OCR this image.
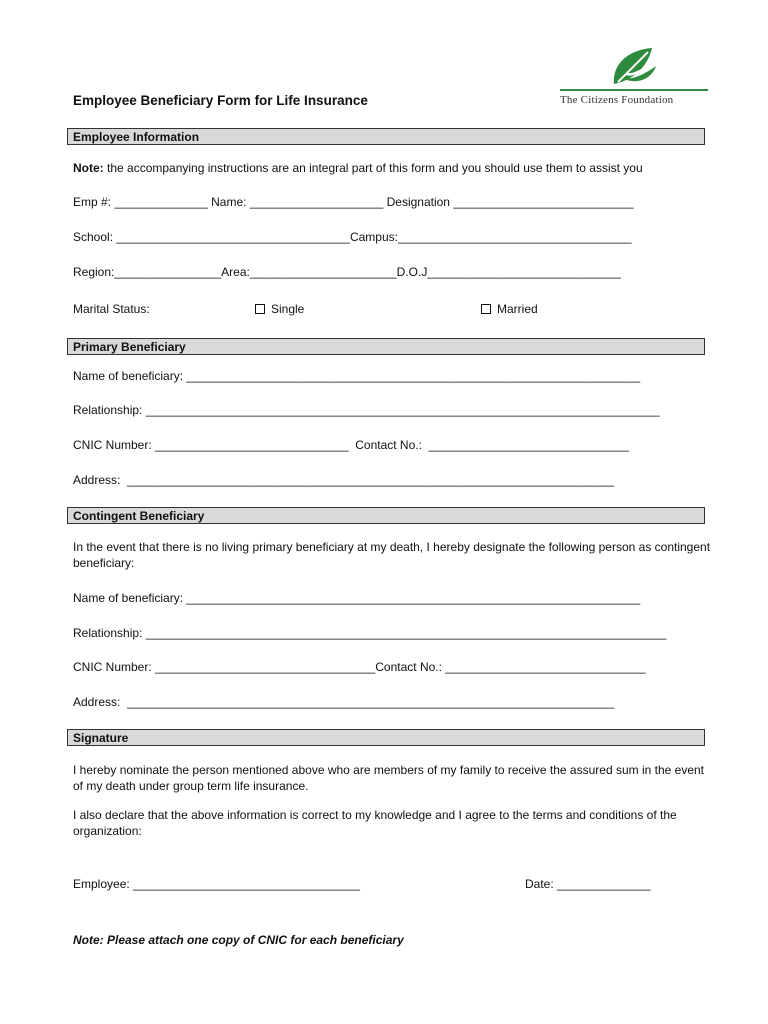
The Citizens Foundation
Employee Beneficiary Form for Life Insurance
Employee Information
Note: the accompanying instructions are an integral part of this form and you should use them to assist you
Emp #: ______________ Name: ____________________ Designation ___________________________
School: ___________________________________Campus:___________________________________
Region:________________Area:______________________D.O.J_____________________________
Marital Status:	Single	Married
Primary Beneficiary
Name of beneficiary: ____________________________________________________________________
Relationship: _____________________________________________________________________________
CNIC Number: _____________________________  Contact No.:  ______________________________
Address:  _________________________________________________________________________
Contingent Beneficiary
In the event that there is no living primary beneficiary at my death, I hereby designate the following person as contingent beneficiary:
Name of beneficiary: ____________________________________________________________________
Relationship: ______________________________________________________________________________
CNIC Number: _________________________________Contact No.: ______________________________
Address:  _________________________________________________________________________
Signature
I hereby nominate the person mentioned above who are members of my family to receive the assured sum in the event of my death under group term life insurance.
I also declare that the above information is correct to my knowledge and I agree to the terms and conditions of the organization:
Employee: __________________________________	Date: ______________
Note: Please attach one copy of CNIC for each beneficiary
